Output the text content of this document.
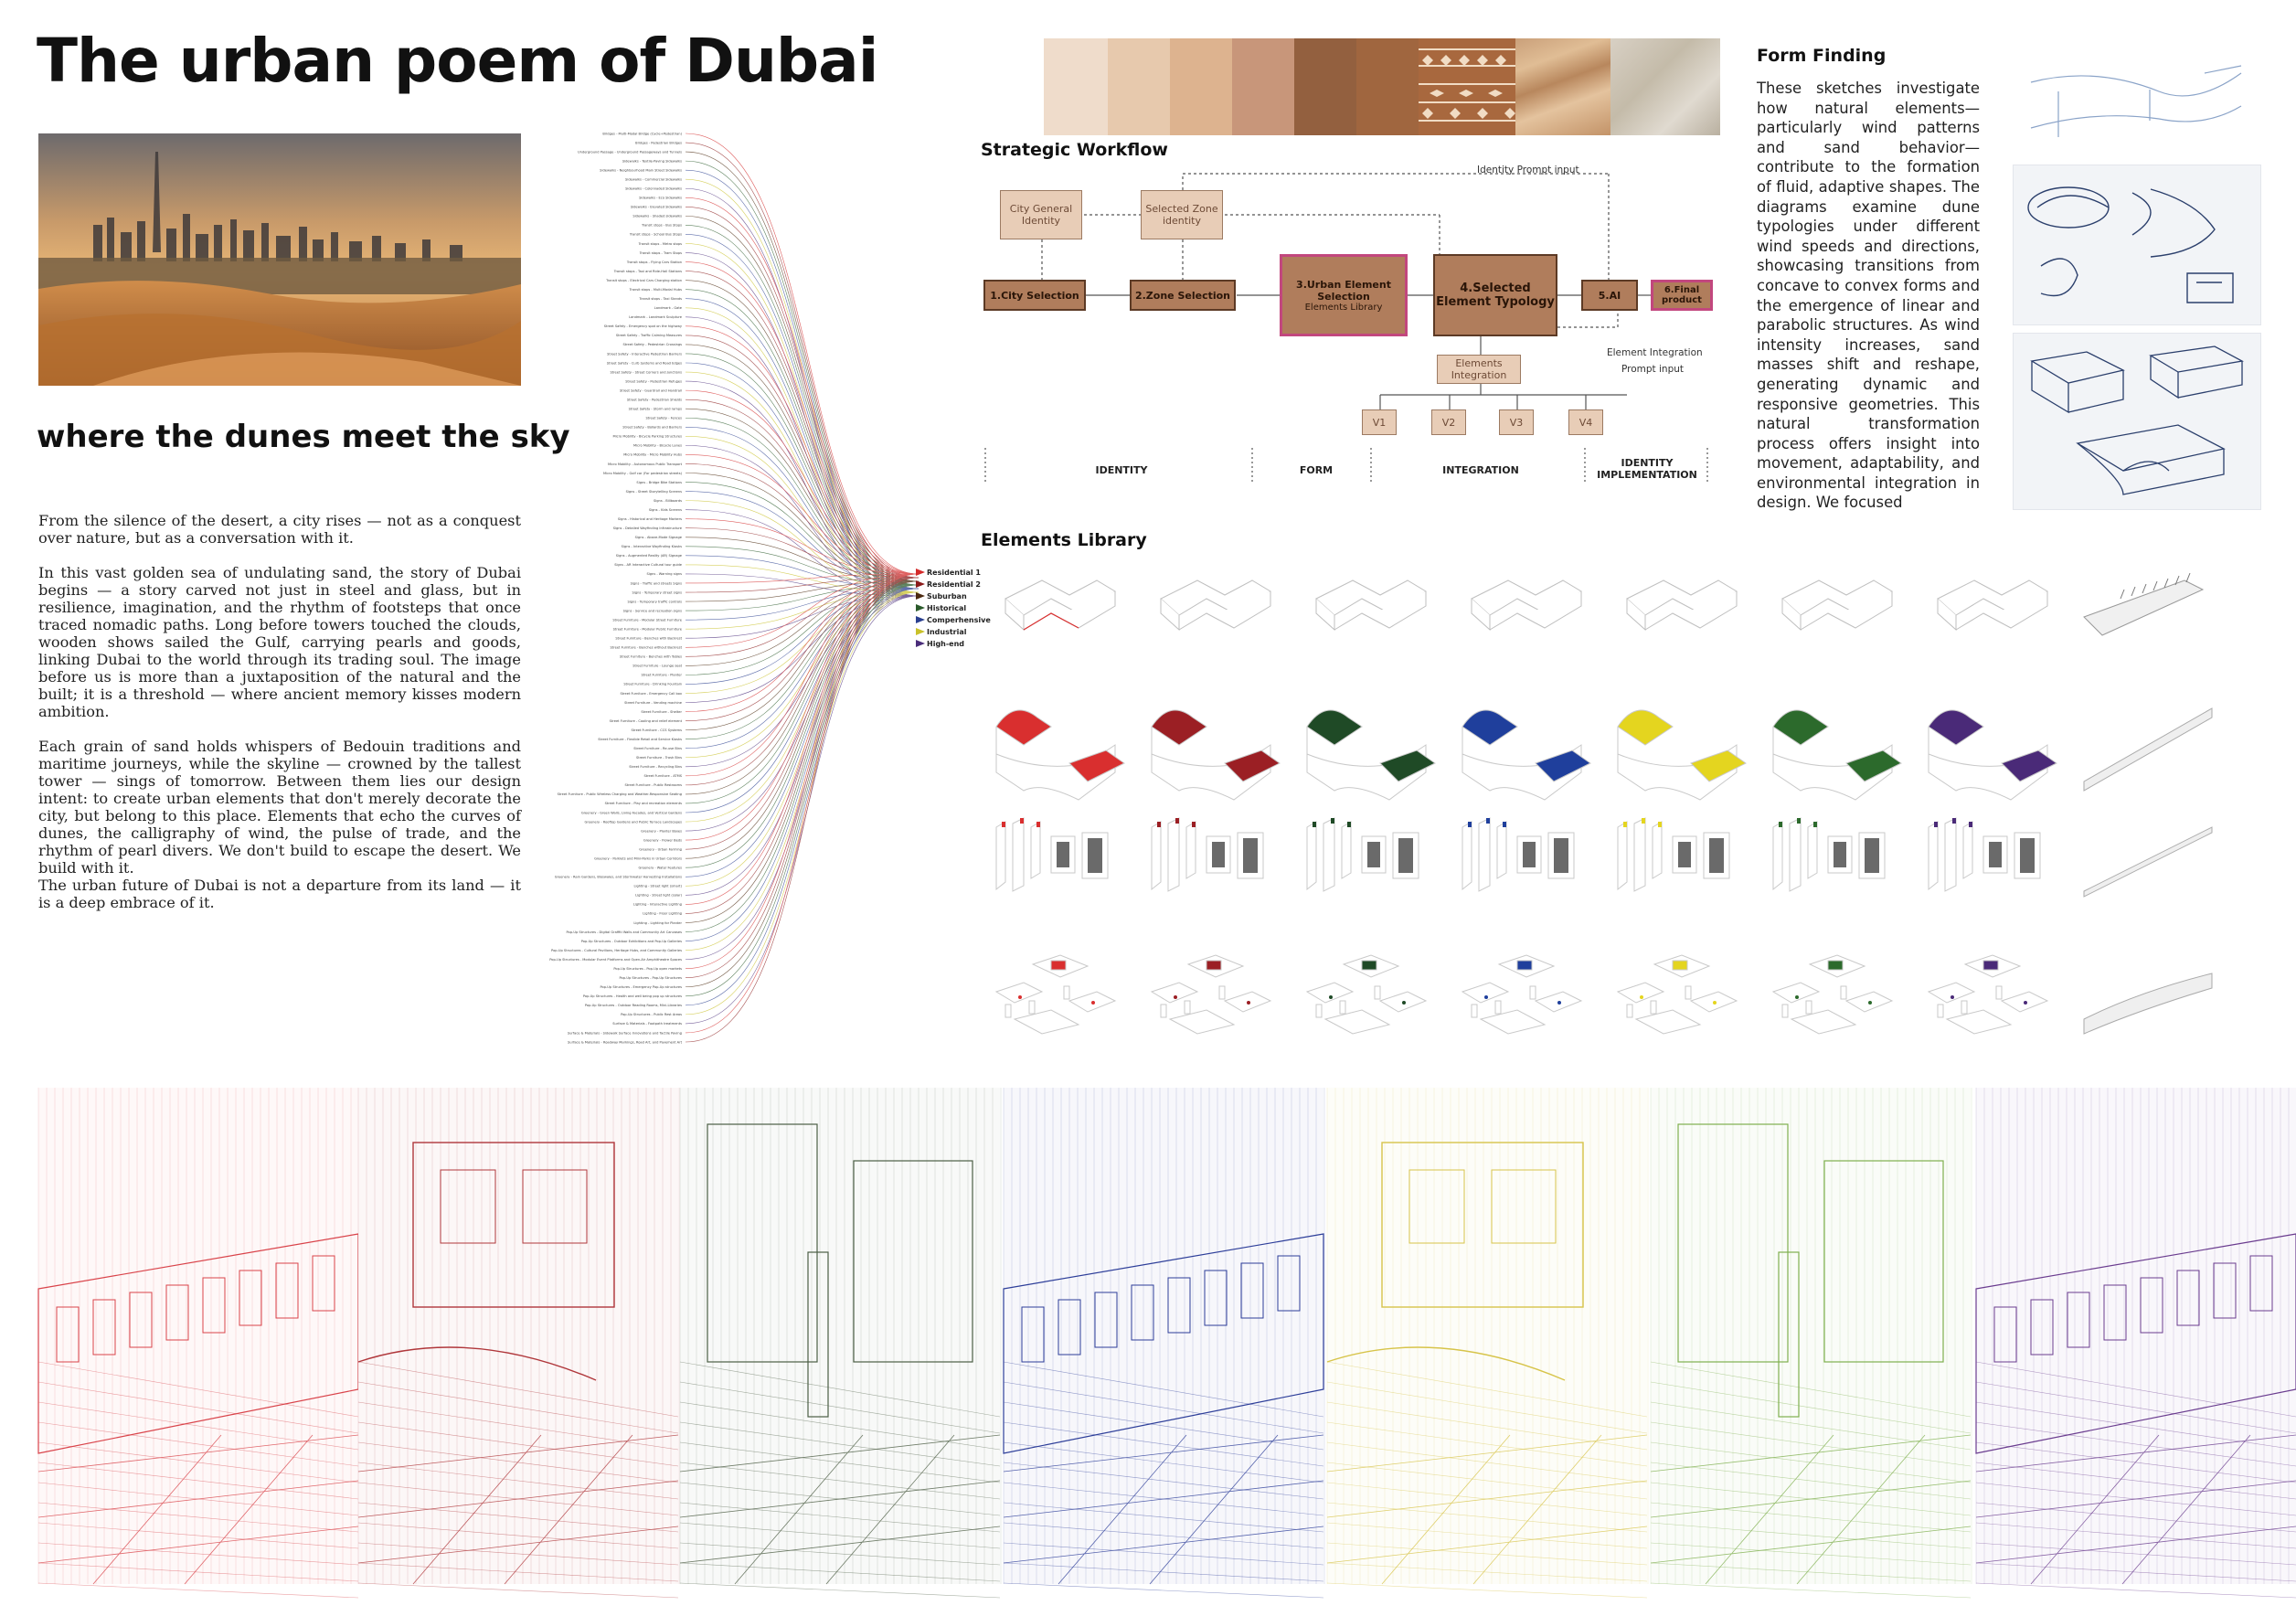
The urban poem of Dubai
where the dunes meet the sky

From the silence of the desert, a city rises — not as a conquest over nature, but as a conversation with it.

In this vast golden sea of undulating sand, the story of Dubai begins — a story carved not just in steel and glass, but in resilience, imagination, and the rhythm of footsteps that once traced nomadic paths. Long before towers touched the clouds, wooden shows sailed the Gulf, carrying pearls and goods, linking Dubai to the world through its trading soul. The image before us is more than a juxtaposition of the natural and the built; it is a threshold — where ancient memory kisses modern ambition.

Each grain of sand holds whispers of Bedouin traditions and maritime journeys, while the skyline — crowned by the tallest tower — sings of tomorrow. Between them lies our design intent: to create urban elements that don't merely decorate the city, but belong to this place. Elements that echo the curves of dunes, the calligraphy of wind, the pulse of trade, and the rhythm of pearl divers. We don't build to escape the desert. We build with it.
The urban future of Dubai is not a departure from its land — it is a deep embrace of it.

Bridges - Multi-Modal Bridge (Cycle+Pedestrian)
Bridges - Pedestrian Bridges
Underground Passage - Underground Passageways and Tunnels
Sidewalks - Textile-Paving Sidewalks
Sidewalks - Neighbourhood Main Street Sidewalks
Sidewalks - Commercial Sidewalks
Sidewalks - Colonnaded Sidewalks
Sidewalks - Eco Sidewalks
Sidewalks - Elevated Sidewalks
Sidewalks - Shaded sidewalks
Transit stops - Bus Stops
Transit stops - School Bus Stops
Transit stops - Metro stops
Transit stops - Tram Stops
Transit stops - Flying Cars Station
Transit stops - Taxi and Ride-Hail Stations
Transit stops - Electrical Cars Charging station
Transit stops - Multi-Modal Hubs
Transit stops - Taxi Stands
Landmark - Gate
Landmark - Landmark Sculpture
Street Safety - Emergency spot on the highway
Street Safety - Traffic Calming Measures
Street Safety - Pedestrian Crossings
Street Safety - Interactive Pedestrian Barriers
Street Safety - Curb Systems and Road Edges
Street Safety - Street Corners and Junctions
Street Safety - Pedestrian Refuges
Street Safety - Guardrail and Handrail
Street Safety - Pedestrian Shields
Street Safety - Storm and ramps
Street Safety - Fences
Street Safety - Bollards and Barriers
Micro Mobility - Bicycle Parking Structures
Micro Mobility - Bicycle Lanes
Micro Mobility - Micro Mobility Hubs
Micro Mobility - Autonomous Public Transport
Micro Mobility - Golf car (For pedestrian streets)
Signs - Bridge Bike Stations
Signs - Street Storytelling Screens
Signs - Billboards
Signs - Kids Screens
Signs - Historical and Heritage Markers
Signs - Detailed Wayfinding Infrastructure
Signs - Above-Mode Signage
Signs - Interactive Wayfinding Kiosks
Signs - Augmented Reality (AR) Signage
Signs - AR Interactive Cultural tour guide
Signs - Warning signs
Signs - Traffic and streets Signs
Signs - Temporary street signs
Signs - Temporary traffic controls
Signs - Service and recreation signs
Street Furniture - Modular Street Furniture
Street Furniture - Modular Public Furniture
Street Furniture - Benches with Backrest
Street Furniture - Benches without Backrest
Street Furniture - Benches with Tables
Street Furniture - Lounge seat
Street Furniture - Planter
Street Furniture - Drinking Fountain
Street Furniture - Emergency Call box
Street Furniture - Vending machine
Street Furniture - Shelter
Street Furniture - Cooling and relief element
Street Furniture - CCS Systems
Street Furniture - Flexible Retail and Service Kiosks
Street Furniture - Re-use Bins
Street Furniture - Trash Bins
Street Furniture - Recycling Bins
Street Furniture - ATMS
Street Furniture - Public Restrooms
Street Furniture - Public Wireless Charging and Weather-Responsive Seating
Street Furniture - Play and recreation elements
Greenery - Green Walls, Living Facades, and Vertical Gardens
Greenery - Rooftop Gardens and Public Terrace Landscapes
Greenery - Planter Boxes
Greenery - Flower Beds
Greenery - Urban Farming
Greenery - Parklets and Mini-Parks in Urban Corridors
Greenery - Water Features
Greenery - Rain Gardens, Bioswales, and Stormwater Harvesting Installations
Lighting - Street light (smart)
Lighting - Street light (solar)
Lighting - Interactive Lighting
Lighting - Floor Lighting
Lighting - Lighting for Planter
Pop-Up Structures - Digital Graffiti Walls and Community Art Canvases
Pop-Up Structures - Outdoor Exhibitions and Pop-Up Galleries
Pop-Up Structures - Cultural Pavilions, Heritage Hubs, and Community Galleries
Pop-Up Structures - Modular Event Platforms and Open-Air Amphitheatre Spaces
Pop-Up Structures - Pop-Up open markets
Pop-Up Structures - Pop-Up Structures
Pop-Up Structures - Emergency Pop-Up structures
Pop-Up Structures - Health and well being pop up structures
Pop-Up Structures - Outdoor Reading Rooms, Mini-Libraries
Pop-Up Structures - Public Rest Areas
Surface & Materials - Footpath treatments
Surface & Materials - Sidewalk Surface Innovations and Tactile Paving
Surface & Materials - Roadway Markings, Road Art, and Pavement Art
Residential 1
Residential 2
Suburban
Historical
Comperhensive
Industrial
High-end
Strategic Workflow
City General Identity
Selected Zone identity
1.City Selection	2.Zone Selection
3.Urban Element Selection
Elements Library
4.Selected Element Typology	5.AI	6.Final product
Elements Integration
V1	V2	V3	V4
Identity Prompt input
Element Integration
Prompt input
IDENTITY	FORM	INTEGRATION
IDENTITY IMPLEMENTATION
Form Finding
These sketches investigate how natural elements—particularly wind patterns and sand behavior—contribute to the formation of fluid, adaptive shapes. The diagrams examine dune typologies under different wind speeds and directions, showcasing transitions from concave to convex forms and the emergence of linear and parabolic structures. As wind intensity increases, sand masses shift and reshape, generating dynamic and responsive geometries. This natural transformation process offers insight into movement, adaptability, and environmental integration in design. We focused
Elements Library
